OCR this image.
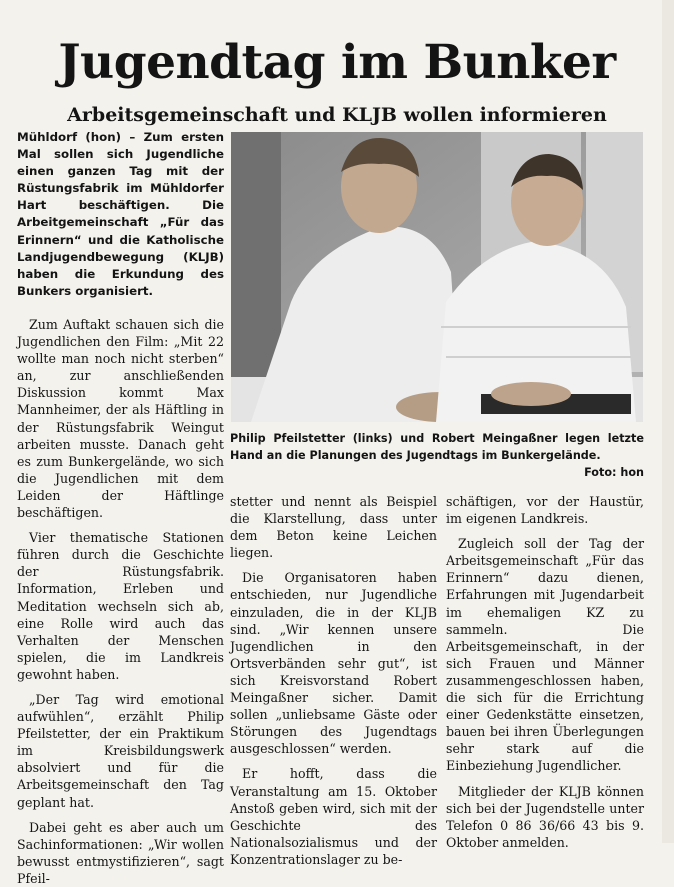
Jugendtag im Bunker
Arbeitsgemeinschaft und KLJB wollen informieren
Mühldorf (hon) – Zum ersten Mal sollen sich Jugendliche einen ganzen Tag mit der Rüstungsfabrik im Mühldorfer Hart beschäftigen. Die Arbeitgemeinschaft „Für das Erinnern“ und die Katholische Landjugendbewegung (KLJB) haben die Erkundung des Bunkers organisiert.

Zum Auftakt schauen sich die Jugendlichen den Film: „Mit 22 wollte man noch nicht sterben“ an, zur anschließenden Diskussion kommt Max Mannheimer, der als Häftling in der Rüstungsfabrik Weingut arbeiten musste. Danach geht es zum Bunkergelände, wo sich die Jugendlichen mit dem Leiden der Häftlinge beschäftigen.

Vier thematische Stationen führen durch die Geschichte der Rüstungsfabrik. Information, Erleben und Meditation wechseln sich ab, eine Rolle wird auch das Verhalten der Menschen spielen, die im Landkreis gewohnt haben.

„Der Tag wird emotional aufwühlen“, erzählt Philip Pfeilstetter, der ein Praktikum im Kreisbildungswerk absolviert und für die Arbeitsgemeinschaft den Tag geplant hat.

Dabei geht es aber auch um Sachinformationen: „Wir wollen bewusst entmystifizieren“, sagt Pfeil-

Philip Pfeilstetter (links) und Robert Meingaßner legen letzte Hand an die Planungen des Jugendtags im Bunkergelände.
Foto: hon

stetter und nennt als Beispiel die Klarstellung, dass unter dem Beton keine Leichen liegen.

Die Organisatoren haben entschieden, nur Jugendliche einzuladen, die in der KLJB sind. „Wir kennen unsere Jugendlichen in den Ortsverbänden sehr gut“, ist sich Kreisvorstand Robert Meingaßner sicher. Damit sollen „unliebsame Gäste oder Störungen des Jugendtags ausgeschlossen“ werden.

Er hofft, dass die Veranstaltung am 15. Oktober Anstoß geben wird, sich mit der Geschichte des Nationalsozialismus und der Konzentrationslager zu be-

schäftigen, vor der Haustür, im eigenen Landkreis.

Zugleich soll der Tag der Arbeitsgemeinschaft „Für das Erinnern“ dazu dienen, Erfahrungen mit Jugendarbeit im ehemaligen KZ zu sammeln. Die Arbeitsgemeinschaft, in der sich Frauen und Männer zusammengeschlossen haben, die sich für die Errichtung einer Gedenkstätte einsetzen, bauen bei ihren Überlegungen sehr stark auf die Einbeziehung Jugendlicher.

Mitglieder der KLJB können sich bei der Jugendstelle unter Telefon 0 86 36/66 43 bis 9. Oktober anmelden.
